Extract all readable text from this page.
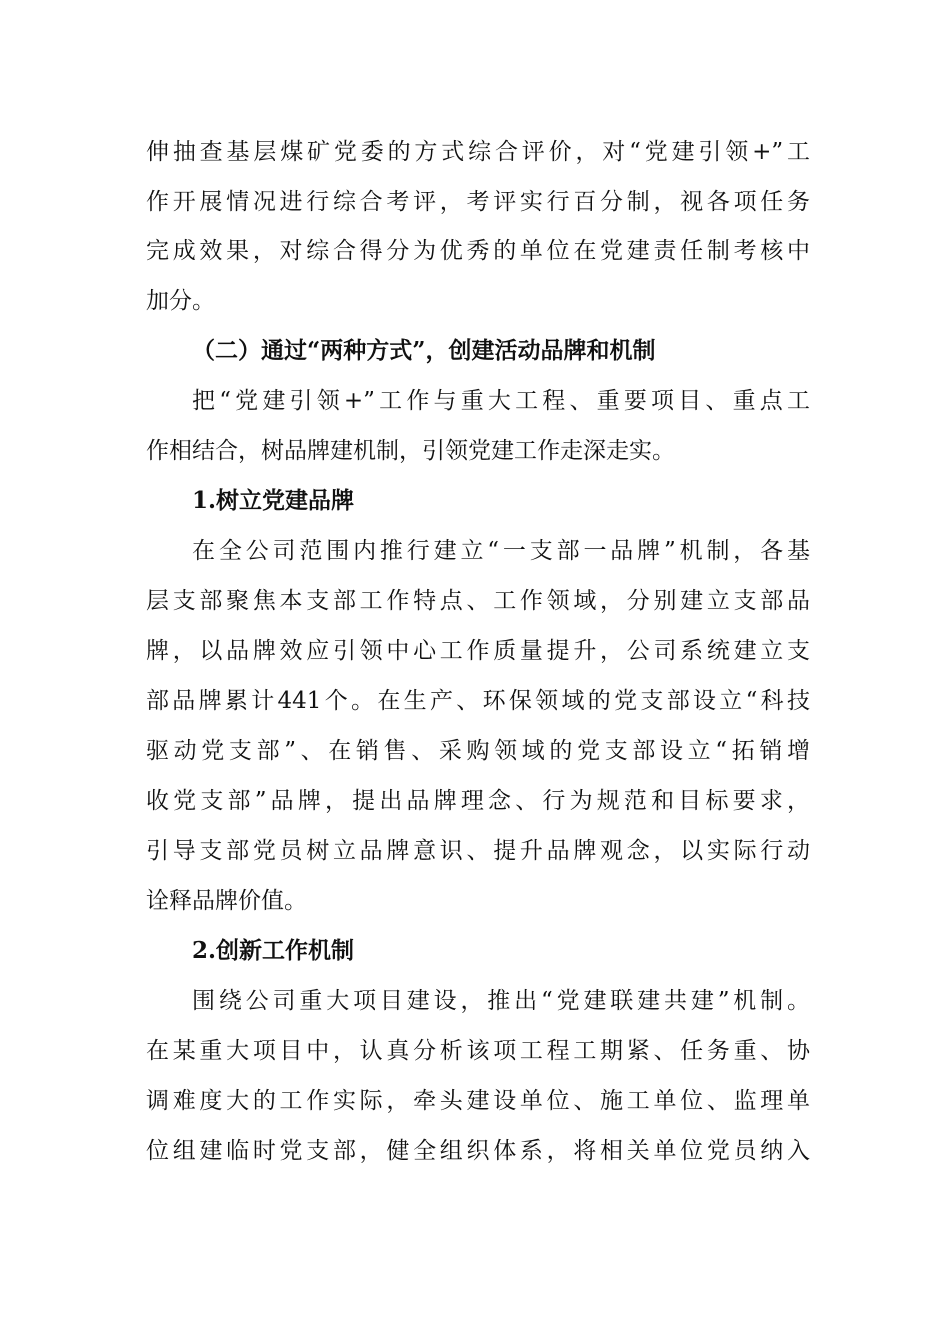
伸抽查基层煤矿党委的方式综合评价，对“党建引领+”工
作开展情况进行综合考评，考评实行百分制，视各项任务
完成效果，对综合得分为优秀的单位在党建责任制考核中
加分。
（二）通过“两种方式”，创建活动品牌和机制
把“党建引领+”工作与重大工程、重要项目、重点工
作相结合，树品牌建机制，引领党建工作走深走实。
1.树立党建品牌
在全公司范围内推行建立“一支部一品牌”机制，各基
层支部聚焦本支部工作特点、工作领域，分别建立支部品
牌，以品牌效应引领中心工作质量提升，公司系统建立支
部品牌累计441个。在生产、环保领域的党支部设立“科技
驱动党支部”、在销售、采购领域的党支部设立“拓销增
收党支部”品牌，提出品牌理念、行为规范和目标要求，
引导支部党员树立品牌意识、提升品牌观念，以实际行动
诠释品牌价值。
2.创新工作机制
围绕公司重大项目建设，推出“党建联建共建”机制。
在某重大项目中，认真分析该项工程工期紧、任务重、协
调难度大的工作实际，牵头建设单位、施工单位、监理单
位组建临时党支部，健全组织体系，将相关单位党员纳入
